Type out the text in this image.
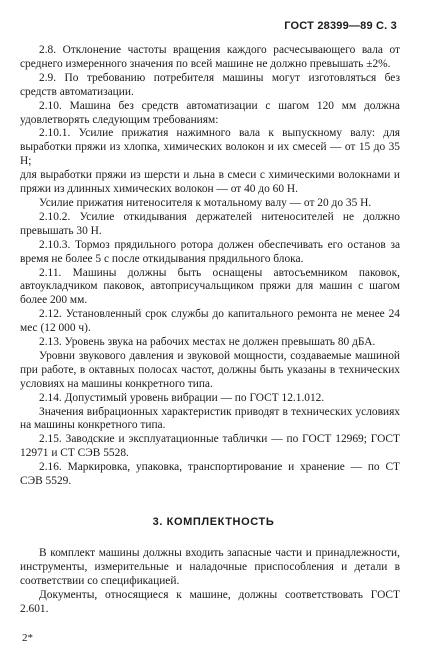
ГОСТ 28399—89 С. 3

2.8. Отклонение частоты вращения каждого расчесывающего вала от среднего измеренного значения по всей машине не должно превышать ±2%.

2.9. По требованию потребителя машины могут изготовляться без средств автоматизации.

2.10. Машина без средств автоматизации с шагом 120 мм должна удовлетворять следующим требованиям:

2.10.1. Усилие прижатия нажимного вала к выпускному валу: для выработки пряжи из хлопка, химических волокон и их смесей — от 15 до 35 Н;

для выработки пряжи из шерсти и льна в смеси с химическими волокнами и пряжи из длинных химических волокон — от 40 до 60 Н.

Усилие прижатия нитеносителя к мотальному валу — от 20 до 35 Н.

2.10.2. Усилие откидывания держателей нитеносителей не должно превышать 30 Н.

2.10.3. Тормоз прядильного ротора должен обеспечивать его останов за время не более 5 с после откидывания прядильного блока.

2.11. Машины должны быть оснащены автосъемником паковок, автоукладчиком паковок, автоприсучальщиком пряжи для машин с шагом более 200 мм.

2.12. Установленный срок службы до капитального ремонта не менее 24 мес (12 000 ч).

2.13. Уровень звука на рабочих местах не должен превышать 80 дБА.

Уровни звукового давления и звуковой мощности, создаваемые машиной при работе, в октавных полосах частот, должны быть указаны в технических условиях на машины конкретного типа.

2.14. Допустимый уровень вибрации — по ГОСТ 12.1.012.

Значения вибрационных характеристик приводят в технических условиях на машины конкретного типа.

2.15. Заводские и эксплуатационные таблички — по ГОСТ 12969; ГОСТ 12971 и СТ СЭВ 5528.

2.16. Маркировка, упаковка, транспортирование и хранение — по СТ СЭВ 5529.

3. КОМПЛЕКТНОСТЬ

В комплект машины должны входить запасные части и принадлежности, инструменты, измерительные и наладочные приспособления и детали в соответствии со спецификацией.

Документы, относящиеся к машине, должны соответствовать ГОСТ 2.601.

2*
